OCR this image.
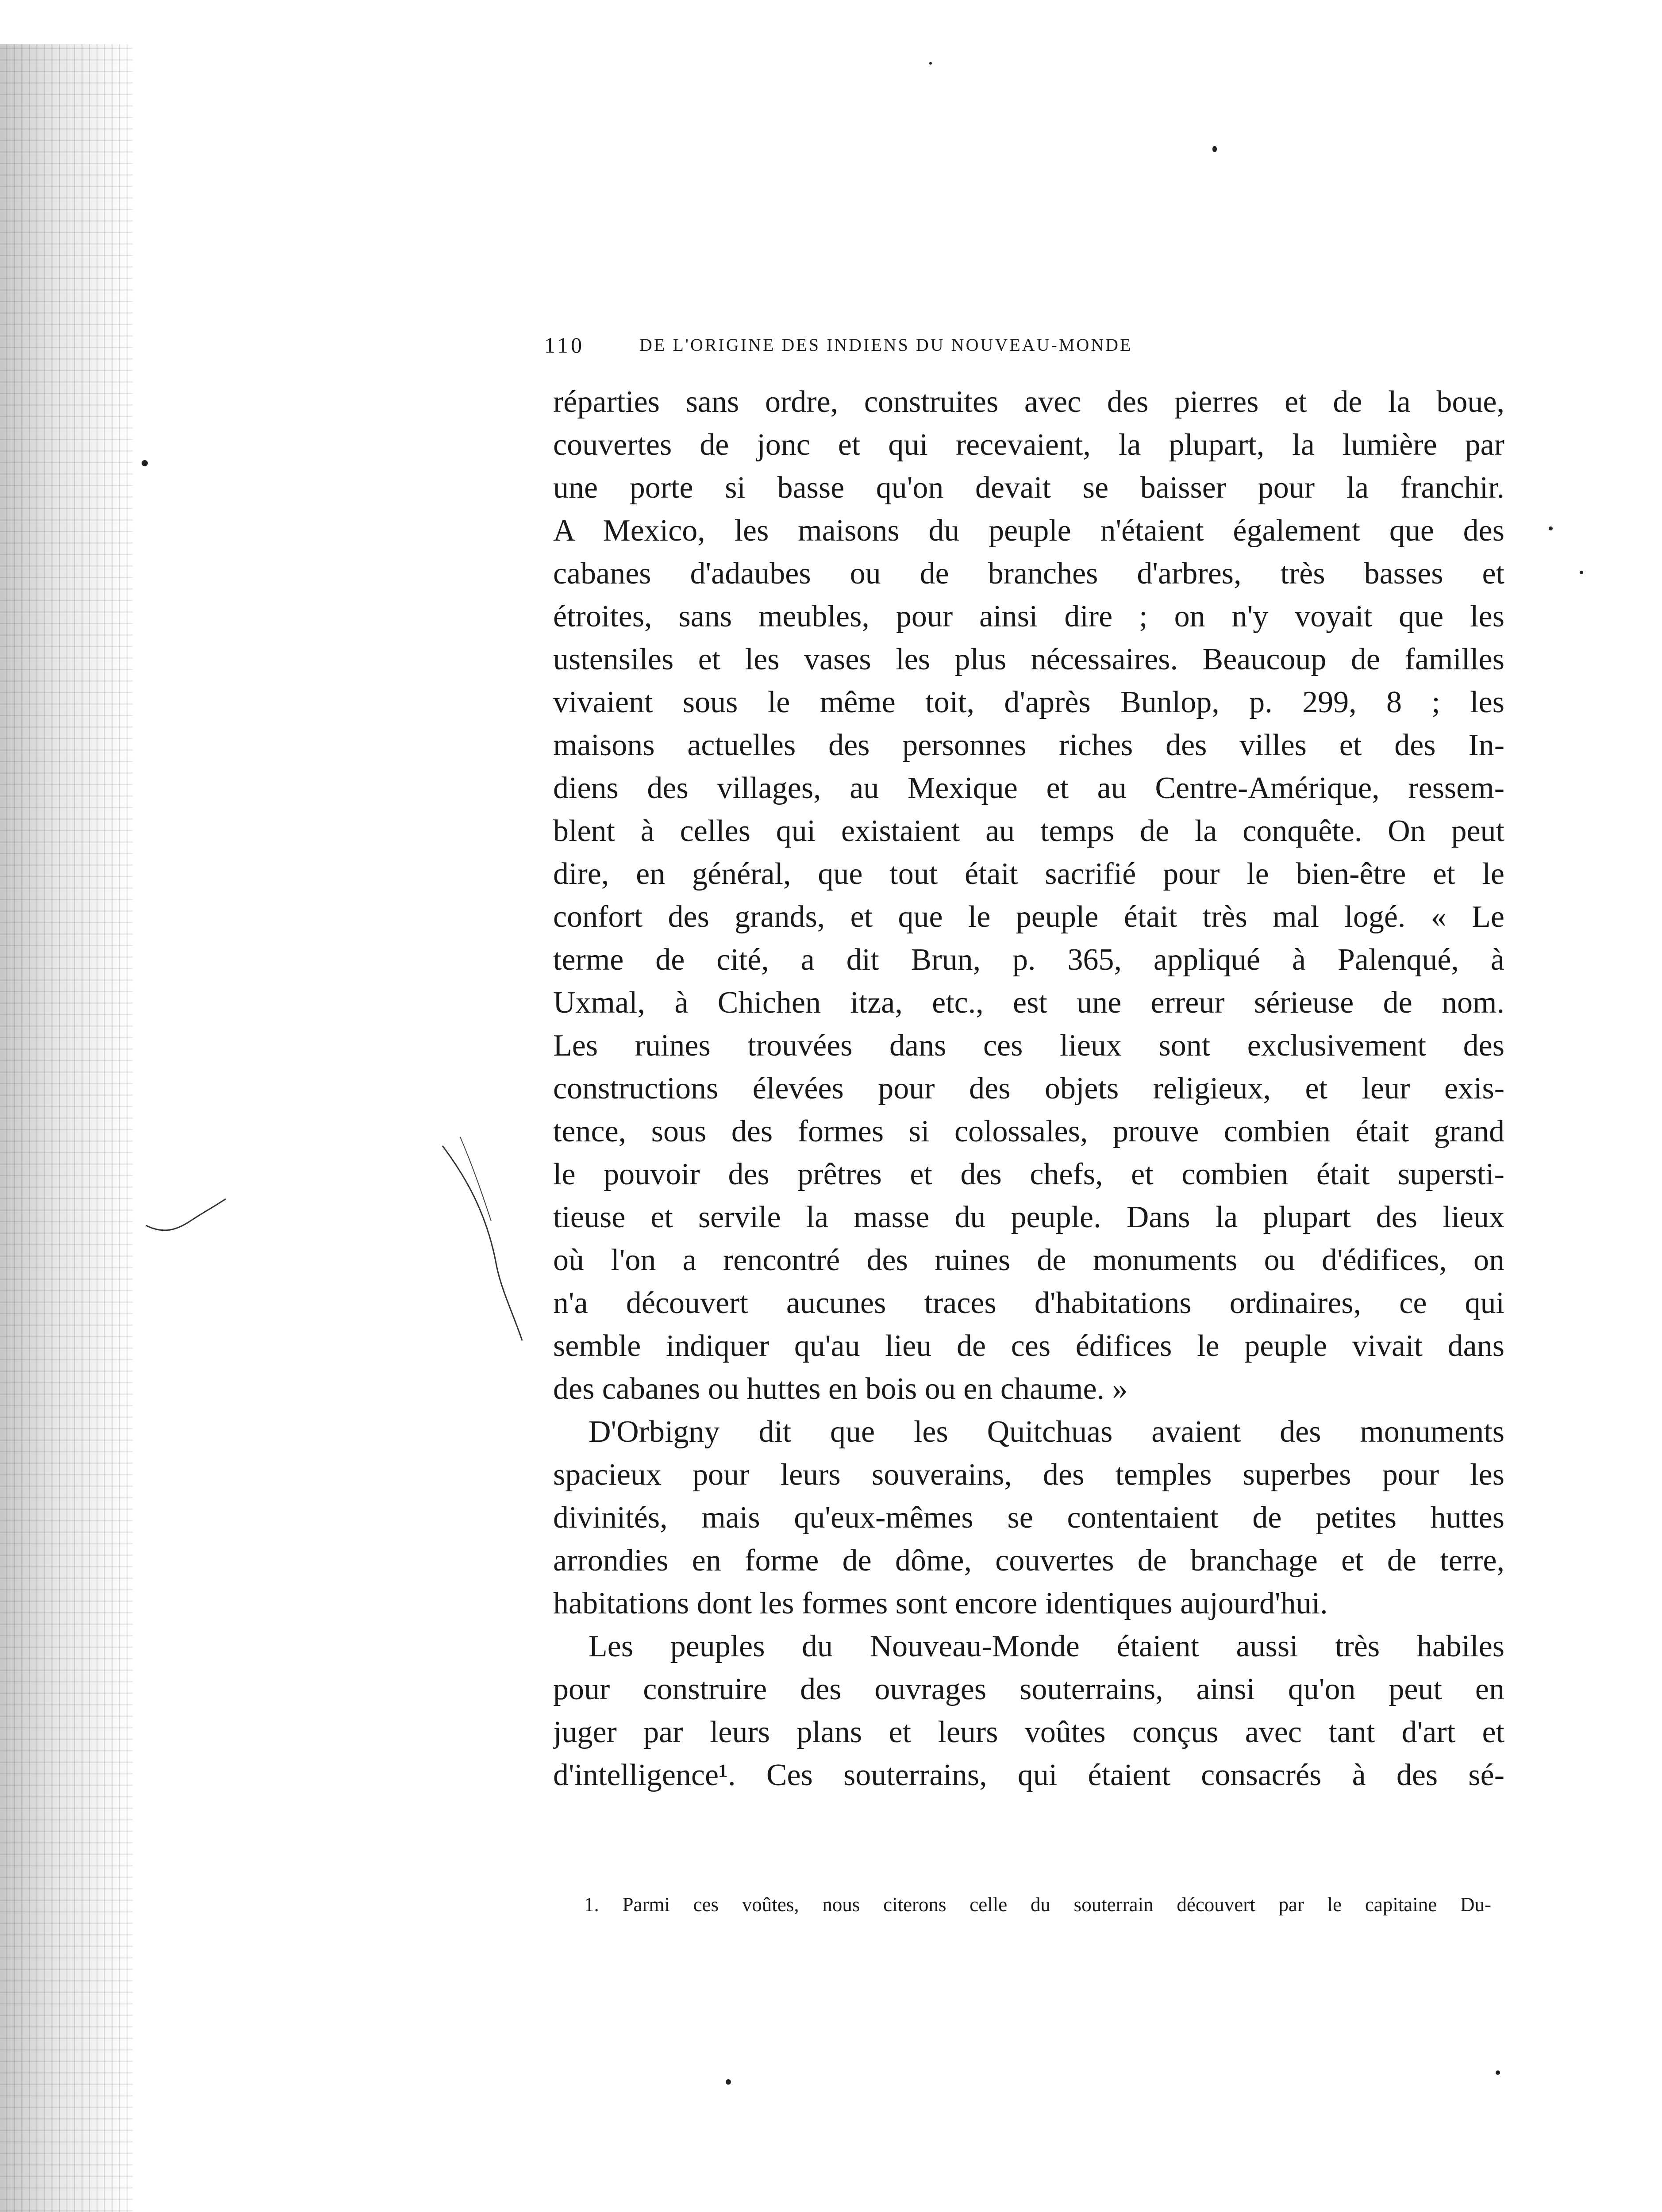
110	DE L'ORIGINE DES INDIENS DU NOUVEAU-MONDE
réparties sans ordre, construites avec des pierres et de la boue,
couvertes de jonc et qui recevaient, la plupart, la lumière par
une porte si basse qu'on devait se baisser pour la franchir.
A Mexico, les maisons du peuple n'étaient également que des
cabanes d'adaubes ou de branches d'arbres, très basses et
étroites, sans meubles, pour ainsi dire ; on n'y voyait que les
ustensiles et les vases les plus nécessaires. Beaucoup de familles
vivaient sous le même toit, d'après Bunlop, p. 299, 8 ; les
maisons actuelles des personnes riches des villes et des In-
diens des villages, au Mexique et au Centre-Amérique, ressem-
blent à celles qui existaient au temps de la conquête. On peut
dire, en général, que tout était sacrifié pour le bien-être et le
confort des grands, et que le peuple était très mal logé. « Le
terme de cité, a dit Brun, p. 365, appliqué à Palenqué, à
Uxmal, à Chichen itza, etc., est une erreur sérieuse de nom.
Les ruines trouvées dans ces lieux sont exclusivement des
constructions élevées pour des objets religieux, et leur exis-
tence, sous des formes si colossales, prouve combien était grand
le pouvoir des prêtres et des chefs, et combien était supersti-
tieuse et servile la masse du peuple. Dans la plupart des lieux
où l'on a rencontré des ruines de monuments ou d'édifices, on
n'a découvert aucunes traces d'habitations ordinaires, ce qui
semble indiquer qu'au lieu de ces édifices le peuple vivait dans
des cabanes ou huttes en bois ou en chaume. »
D'Orbigny dit que les Quitchuas avaient des monuments
spacieux pour leurs souverains, des temples superbes pour les
divinités, mais qu'eux-mêmes se contentaient de petites huttes
arrondies en forme de dôme, couvertes de branchage et de terre,
habitations dont les formes sont encore identiques aujourd'hui.
Les peuples du Nouveau-Monde étaient aussi très habiles
pour construire des ouvrages souterrains, ainsi qu'on peut en
juger par leurs plans et leurs voûtes conçus avec tant d'art et
d'intelligence¹. Ces souterrains, qui étaient consacrés à des sé-
1. Parmi ces voûtes, nous citerons celle du souterrain découvert par le capitaine Du-
